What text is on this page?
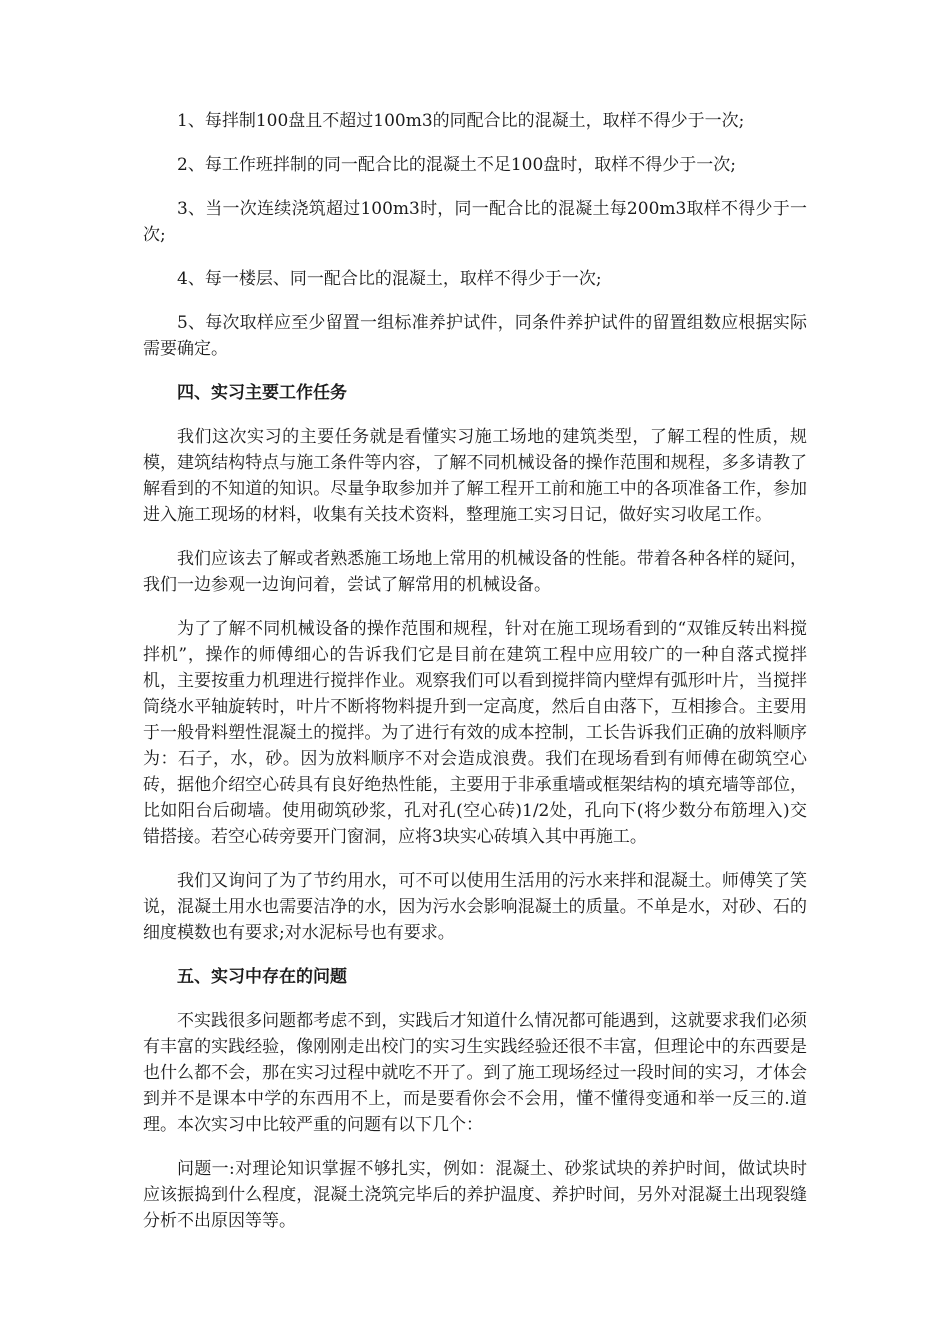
1、每拌制100盘且不超过100m3的同配合比的混凝土，取样不得少于一次;

2、每工作班拌制的同一配合比的混凝土不足100盘时，取样不得少于一次;

3、当一次连续浇筑超过100m3时，同一配合比的混凝土每200m3取样不得少于一次;

4、每一楼层、同一配合比的混凝土，取样不得少于一次;

5、每次取样应至少留置一组标准养护试件，同条件养护试件的留置组数应根据实际需要确定。

四、实习主要工作任务

我们这次实习的主要任务就是看懂实习施工场地的建筑类型，了解工程的性质，规模，建筑结构特点与施工条件等内容，了解不同机械设备的操作范围和规程，多多请教了解看到的不知道的知识。尽量争取参加并了解工程开工前和施工中的各项准备工作，参加进入施工现场的材料，收集有关技术资料，整理施工实习日记，做好实习收尾工作。

我们应该去了解或者熟悉施工场地上常用的机械设备的性能。带着各种各样的疑问，我们一边参观一边询问着，尝试了解常用的机械设备。

为了了解不同机械设备的操作范围和规程，针对在施工现场看到的“双锥反转出料搅拌机”，操作的师傅细心的告诉我们它是目前在建筑工程中应用较广的一种自落式搅拌机，主要按重力机理进行搅拌作业。观察我们可以看到搅拌筒内壁焊有弧形叶片，当搅拌筒绕水平轴旋转时，叶片不断将物料提升到一定高度，然后自由落下，互相掺合。主要用于一般骨料塑性混凝土的搅拌。为了进行有效的成本控制，工长告诉我们正确的放料顺序为：石子，水，砂。因为放料顺序不对会造成浪费。我们在现场看到有师傅在砌筑空心砖，据他介绍空心砖具有良好绝热性能，主要用于非承重墙或框架结构的填充墙等部位，比如阳台后砌墙。使用砌筑砂浆，孔对孔(空心砖)1/2处，孔向下(将少数分布筋埋入)交错搭接。若空心砖旁要开门窗洞，应将3块实心砖填入其中再施工。

我们又询问了为了节约用水，可不可以使用生活用的污水来拌和混凝土。师傅笑了笑说，混凝土用水也需要洁净的水，因为污水会影响混凝土的质量。不单是水，对砂、石的细度模数也有要求;对水泥标号也有要求。

五、实习中存在的问题

不实践很多问题都考虑不到，实践后才知道什么情况都可能遇到，这就要求我们必须有丰富的实践经验，像刚刚走出校门的实习生实践经验还很不丰富，但理论中的东西要是也什么都不会，那在实习过程中就吃不开了。到了施工现场经过一段时间的实习，才体会到并不是课本中学的东西用不上，而是要看你会不会用，懂不懂得变通和举一反三的.道理。本次实习中比较严重的问题有以下几个：

问题一:对理论知识掌握不够扎实，例如：混凝土、砂浆试块的养护时间，做试块时应该振捣到什么程度，混凝土浇筑完毕后的养护温度、养护时间，另外对混凝土出现裂缝分析不出原因等等。
